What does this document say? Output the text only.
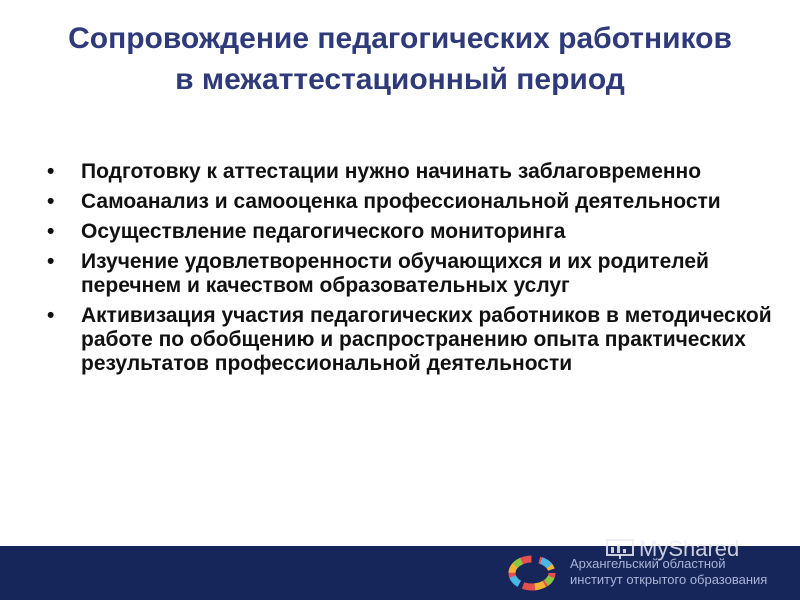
Сопровождение педагогических работников в межаттестационный период
• Подготовку к аттестации нужно начинать заблаговременно
• Самоанализ и самооценка профессиональной деятельности
• Осуществление педагогического мониторинга
• Изучение удовлетворенности обучающихся и их родителей перечнем и качеством образовательных услуг
• Активизация участия педагогических работников в методической работе по обобщению и распространению опыта практических результатов профессиональной деятельности
Архангельский областной
институт открытого образования
MyShared
